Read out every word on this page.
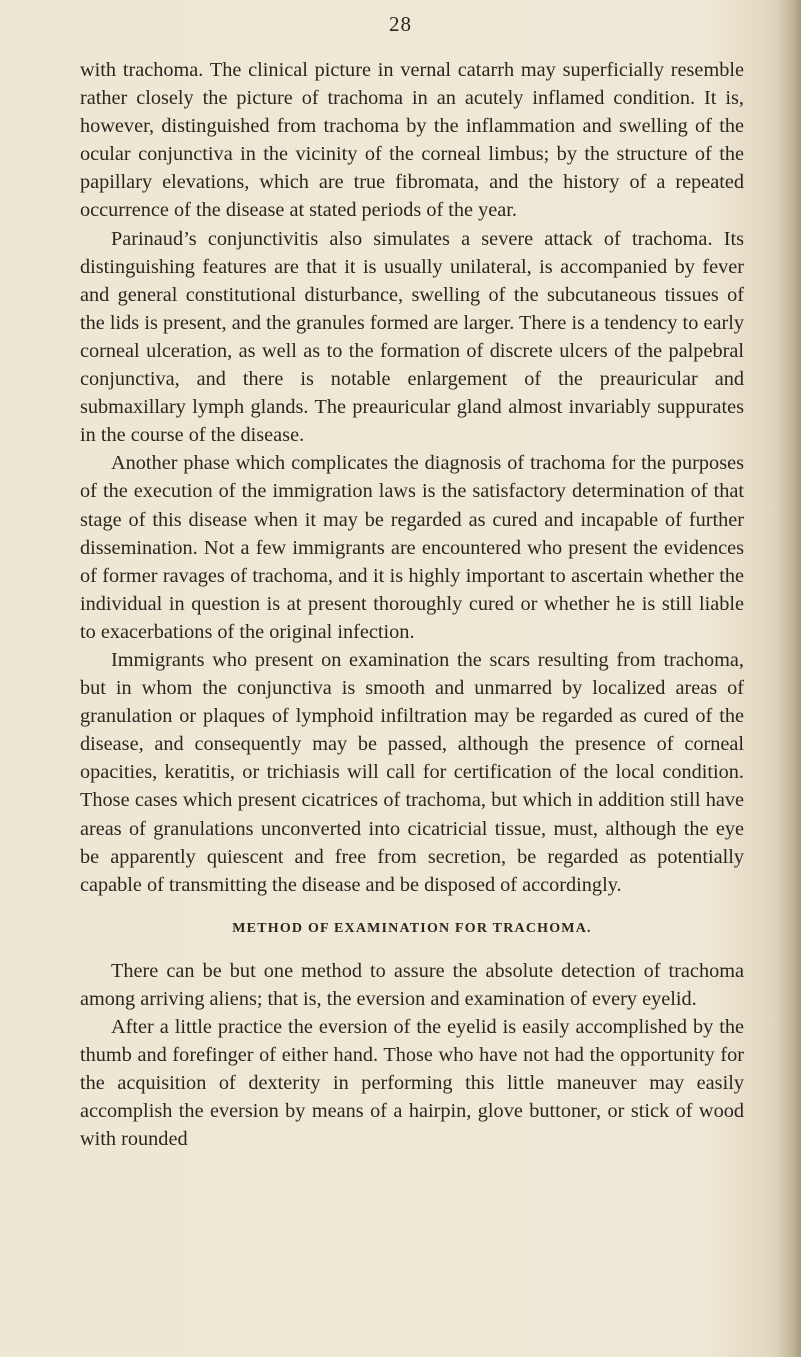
28

with trachoma. The clinical picture in vernal catarrh may superficially resemble rather closely the picture of trachoma in an acutely inflamed condition. It is, however, distinguished from trachoma by the inflammation and swelling of the ocular conjunctiva in the vicinity of the corneal limbus; by the structure of the papillary elevations, which are true fibromata, and the history of a repeated occurrence of the disease at stated periods of the year.

Parinaud’s conjunctivitis also simulates a severe attack of trachoma. Its distinguishing features are that it is usually unilateral, is accompanied by fever and general constitutional disturbance, swelling of the subcutaneous tissues of the lids is present, and the granules formed are larger. There is a tendency to early corneal ulceration, as well as to the formation of discrete ulcers of the palpebral conjunctiva, and there is notable enlargement of the preauricular and submaxillary lymph glands. The preauricular gland almost invariably suppurates in the course of the disease.

Another phase which complicates the diagnosis of trachoma for the purposes of the execution of the immigration laws is the satisfactory determination of that stage of this disease when it may be regarded as cured and incapable of further dissemination. Not a few immigrants are encountered who present the evidences of former ravages of trachoma, and it is highly important to ascertain whether the individual in question is at present thoroughly cured or whether he is still liable to exacerbations of the original infection.

Immigrants who present on examination the scars resulting from trachoma, but in whom the conjunctiva is smooth and unmarred by localized areas of granulation or plaques of lymphoid infiltration may be regarded as cured of the disease, and consequently may be passed, although the presence of corneal opacities, keratitis, or trichiasis will call for certification of the local condition. Those cases which present cicatrices of trachoma, but which in addition still have areas of granulations unconverted into cicatricial tissue, must, although the eye be apparently quiescent and free from secretion, be regarded as potentially capable of transmitting the disease and be disposed of accordingly.

METHOD OF EXAMINATION FOR TRACHOMA.

There can be but one method to assure the absolute detection of trachoma among arriving aliens; that is, the eversion and examination of every eyelid.

After a little practice the eversion of the eyelid is easily accomplished by the thumb and forefinger of either hand. Those who have not had the opportunity for the acquisition of dexterity in performing this little maneuver may easily accomplish the eversion by means of a hairpin, glove buttoner, or stick of wood with rounded
